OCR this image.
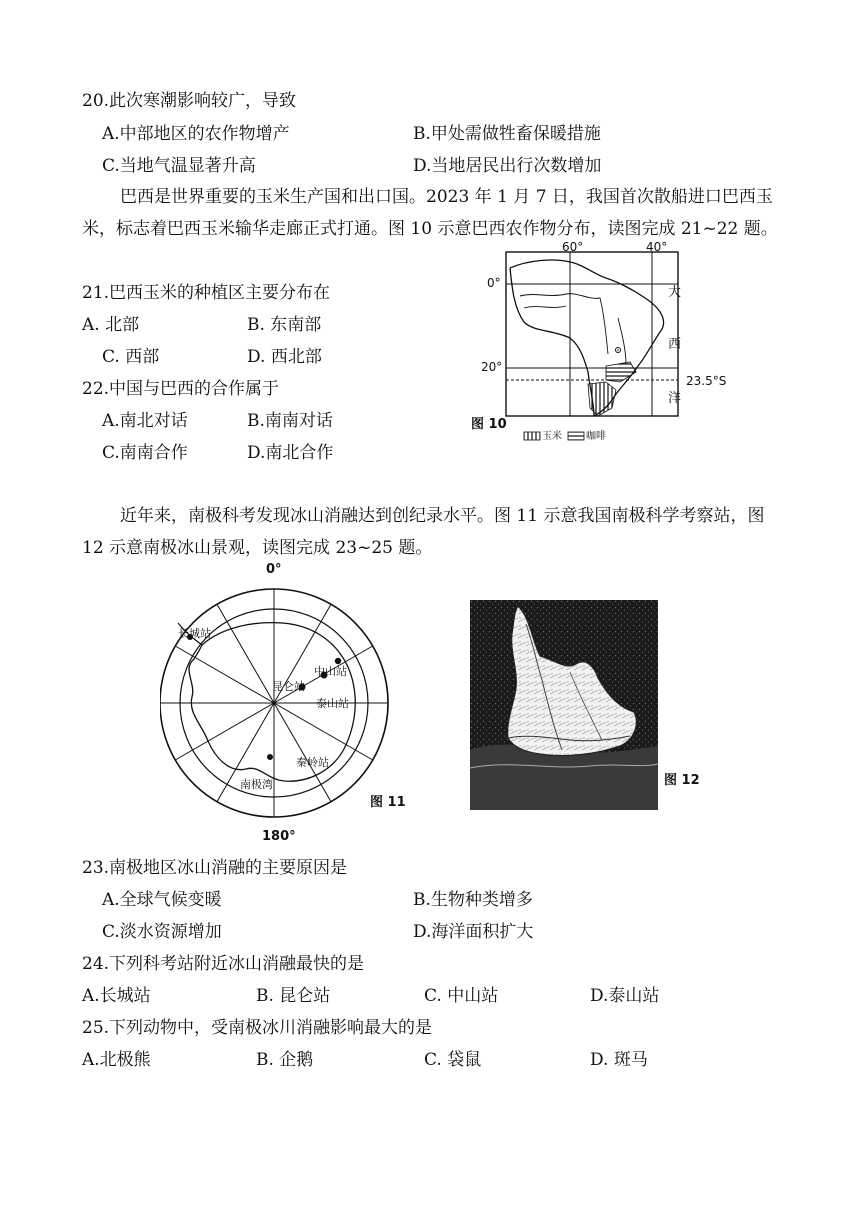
20.此次寒潮影响较广，导致
A.中部地区的农作物增产	B.甲处需做牲畜保暖措施
C.当地气温显著升高	D.当地居民出行次数增加
巴西是世界重要的玉米生产国和出口国。2023 年 1 月 7 日，我国首次散船进口巴西玉米，标志着巴西玉米输华走廊正式打通。图 10 示意巴西农作物分布，读图完成 21~22 题。
21.巴西玉米的种植区主要分布在
A. 北部	B. 东南部
C. 西部	D. 西北部
22.中国与巴西的合作属于
A.南北对话	B.南南对话
C.南南合作	D.南北合作
60°	40°
0°
20°
23.5°S
大
西
洋
图 10
玉米 咖啡
近年来，南极科考发现冰山消融达到创纪录水平。图 11 示意我国南极科学考察站，图 12 示意南极冰山景观，读图完成 23~25 题。
0°
180°
长城站
中山站
昆仑站
泰山站
秦岭站
南极湾
图 11
图 12
23.南极地区冰山消融的主要原因是
A.全球气候变暖	B.生物种类增多
C.淡水资源增加	D.海洋面积扩大
24.下列科考站附近冰山消融最快的是
A.长城站	B. 昆仑站	C. 中山站	D.泰山站
25.下列动物中，受南极冰川消融影响最大的是
A.北极熊	B. 企鹅	C. 袋鼠	D. 斑马
